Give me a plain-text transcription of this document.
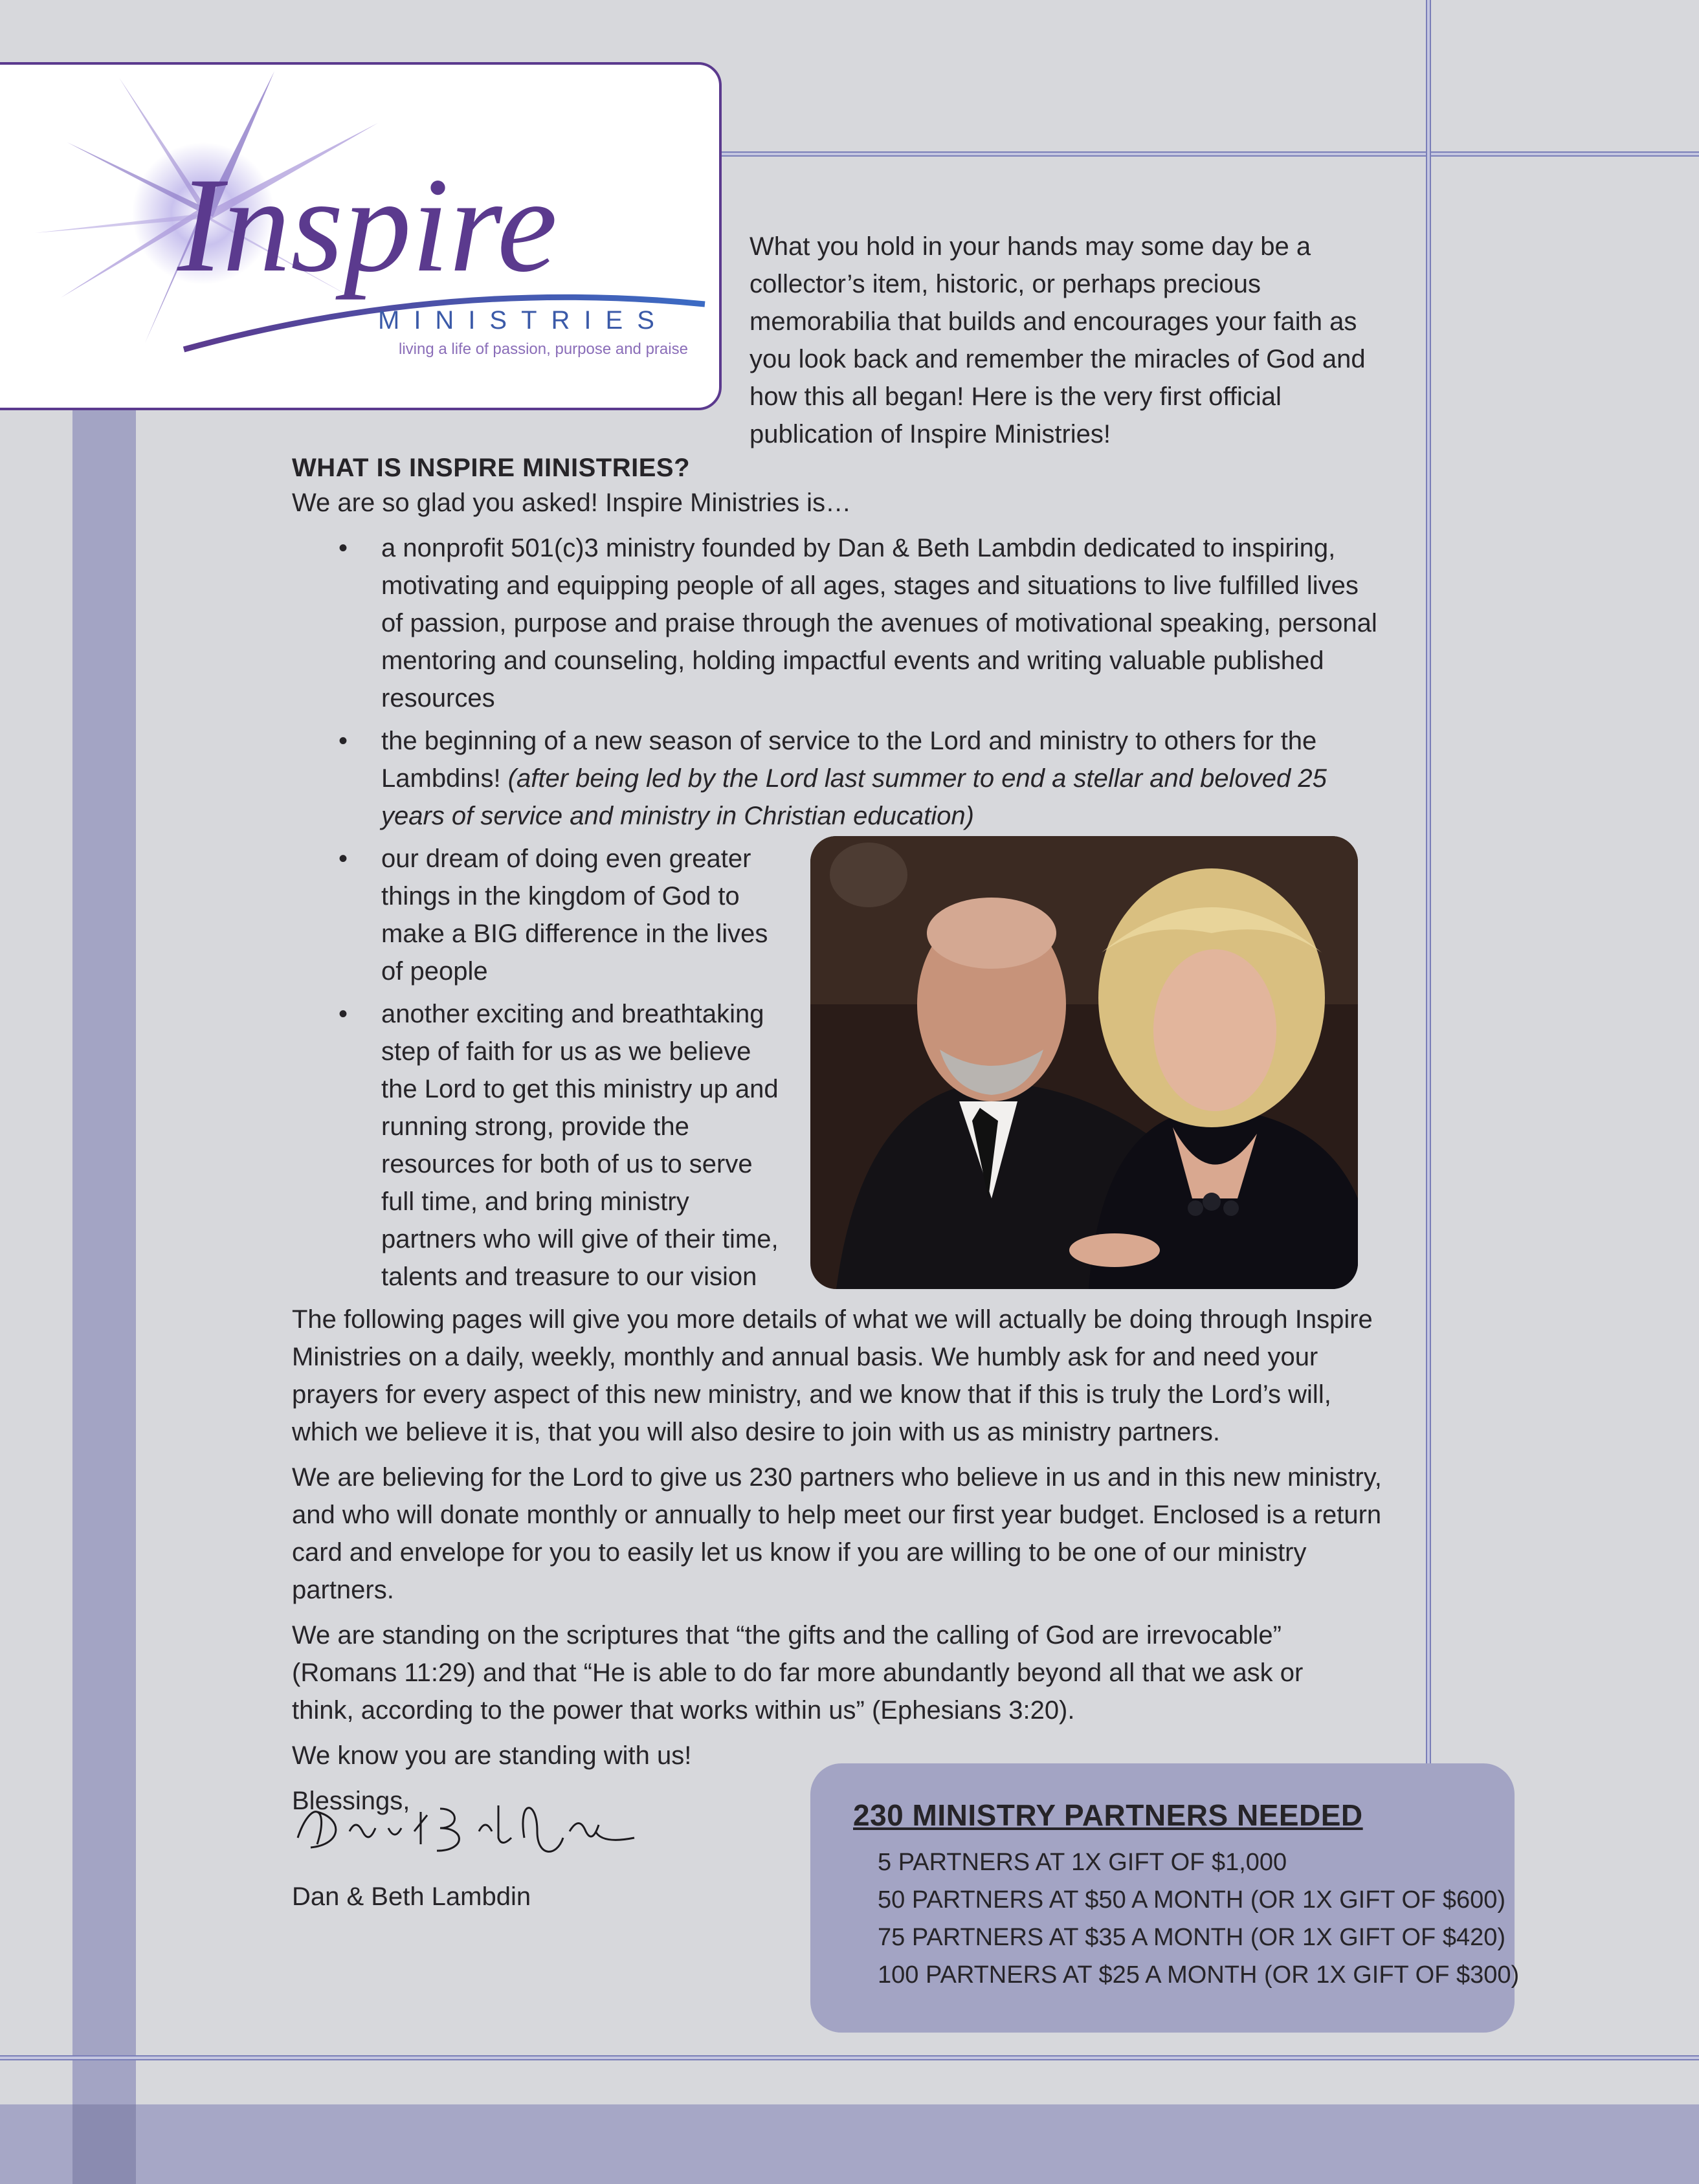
Inspire
MINISTRIES
living a life of passion, purpose and praise

What you hold in your hands may some day be a collector’s item, historic, or perhaps precious memorabilia that builds and encourages your faith as you look back and remember the miracles of God and how this all began! Here is the very first official publication of Inspire Ministries!

WHAT IS INSPIRE MINISTRIES?

We are so glad you asked! Inspire Ministries is…

• a nonprofit 501(c)3 ministry founded by Dan & Beth Lambdin dedicated to inspiring, motivating and equipping people of all ages, stages and situations to live fulfilled lives of passion, purpose and praise through the avenues of motivational speaking, personal mentoring and counseling, holding impactful events and writing valuable published resources
• the beginning of a new season of service to the Lord and ministry to others for the Lambdins! (after being led by the Lord last summer to end a stellar and beloved 25 years of service and ministry in Christian education)
• our dream of doing even greater things in the kingdom of God to make a BIG difference in the lives of people
• another exciting and breathtaking step of faith for us as we believe the Lord to get this ministry up and running strong, provide the resources for both of us to serve full time, and bring ministry partners who will give of their time, talents and treasure to our vision

The following pages will give you more details of what we will actually be doing through Inspire Ministries on a daily, weekly, monthly and annual basis. We humbly ask for and need your prayers for every aspect of this new ministry, and we know that if this is truly the Lord’s will, which we believe it is, that you will also desire to join with us as ministry partners.

We are believing for the Lord to give us 230 partners who believe in us and in this new ministry, and who will donate monthly or annually to help meet our first year budget. Enclosed is a return card and envelope for you to easily let us know if you are willing to be one of our ministry partners.

We are standing on the scriptures that “the gifts and the calling of God are irrevocable” (Romans 11:29) and that “He is able to do far more abundantly beyond all that we ask or think, according to the power that works within us” (Ephesians 3:20).

We know you are standing with us!

Blessings,

Dan & Beth Lambdin

230 MINISTRY PARTNERS NEEDED
5 PARTNERS AT 1X GIFT OF $1,000
50 PARTNERS AT $50 A MONTH (OR 1X GIFT OF $600)
75 PARTNERS AT $35 A MONTH (OR 1X GIFT OF $420)
100 PARTNERS AT $25 A MONTH (OR 1X GIFT OF $300)
